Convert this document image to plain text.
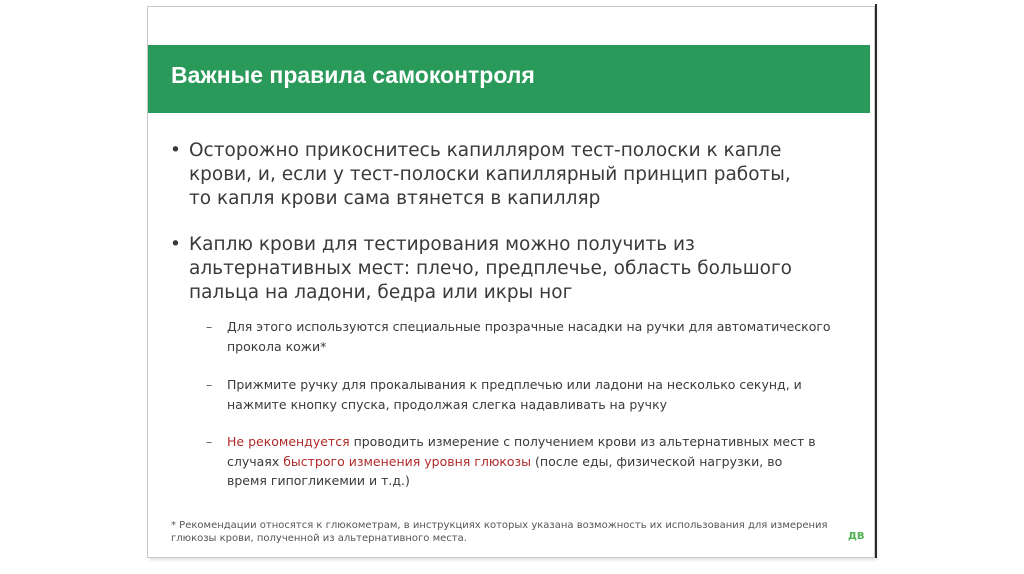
Важные правила самоконтроля
• Осторожно прикоснитесь капилляром тест-полоски к капле
крови, и, если у тест-полоски капиллярный принцип работы,
то капля крови сама втянется в капилляр
• Каплю крови для тестирования можно получить из
альтернативных мест: плечо, предплечье, область большого
пальца на ладони, бедра или икры ног
– Для этого используются специальные прозрачные насадки на ручки для автоматического
прокола кожи*
– Прижмите ручку для прокалывания к предплечью или ладони на несколько секунд, и
нажмите кнопку спуска, продолжая слегка надавливать на ручку
– Не рекомендуется проводить измерение с получением крови из альтернативных мест в
случаях быстрого изменения уровня глюкозы (после еды, физической нагрузки, во
время гипогликемии и т.д.)
* Рекомендации относятся к глюкометрам, в инструкциях которых указана возможность их использования для измерения
глюкозы крови, полученной из альтернативного места.	ДВ
